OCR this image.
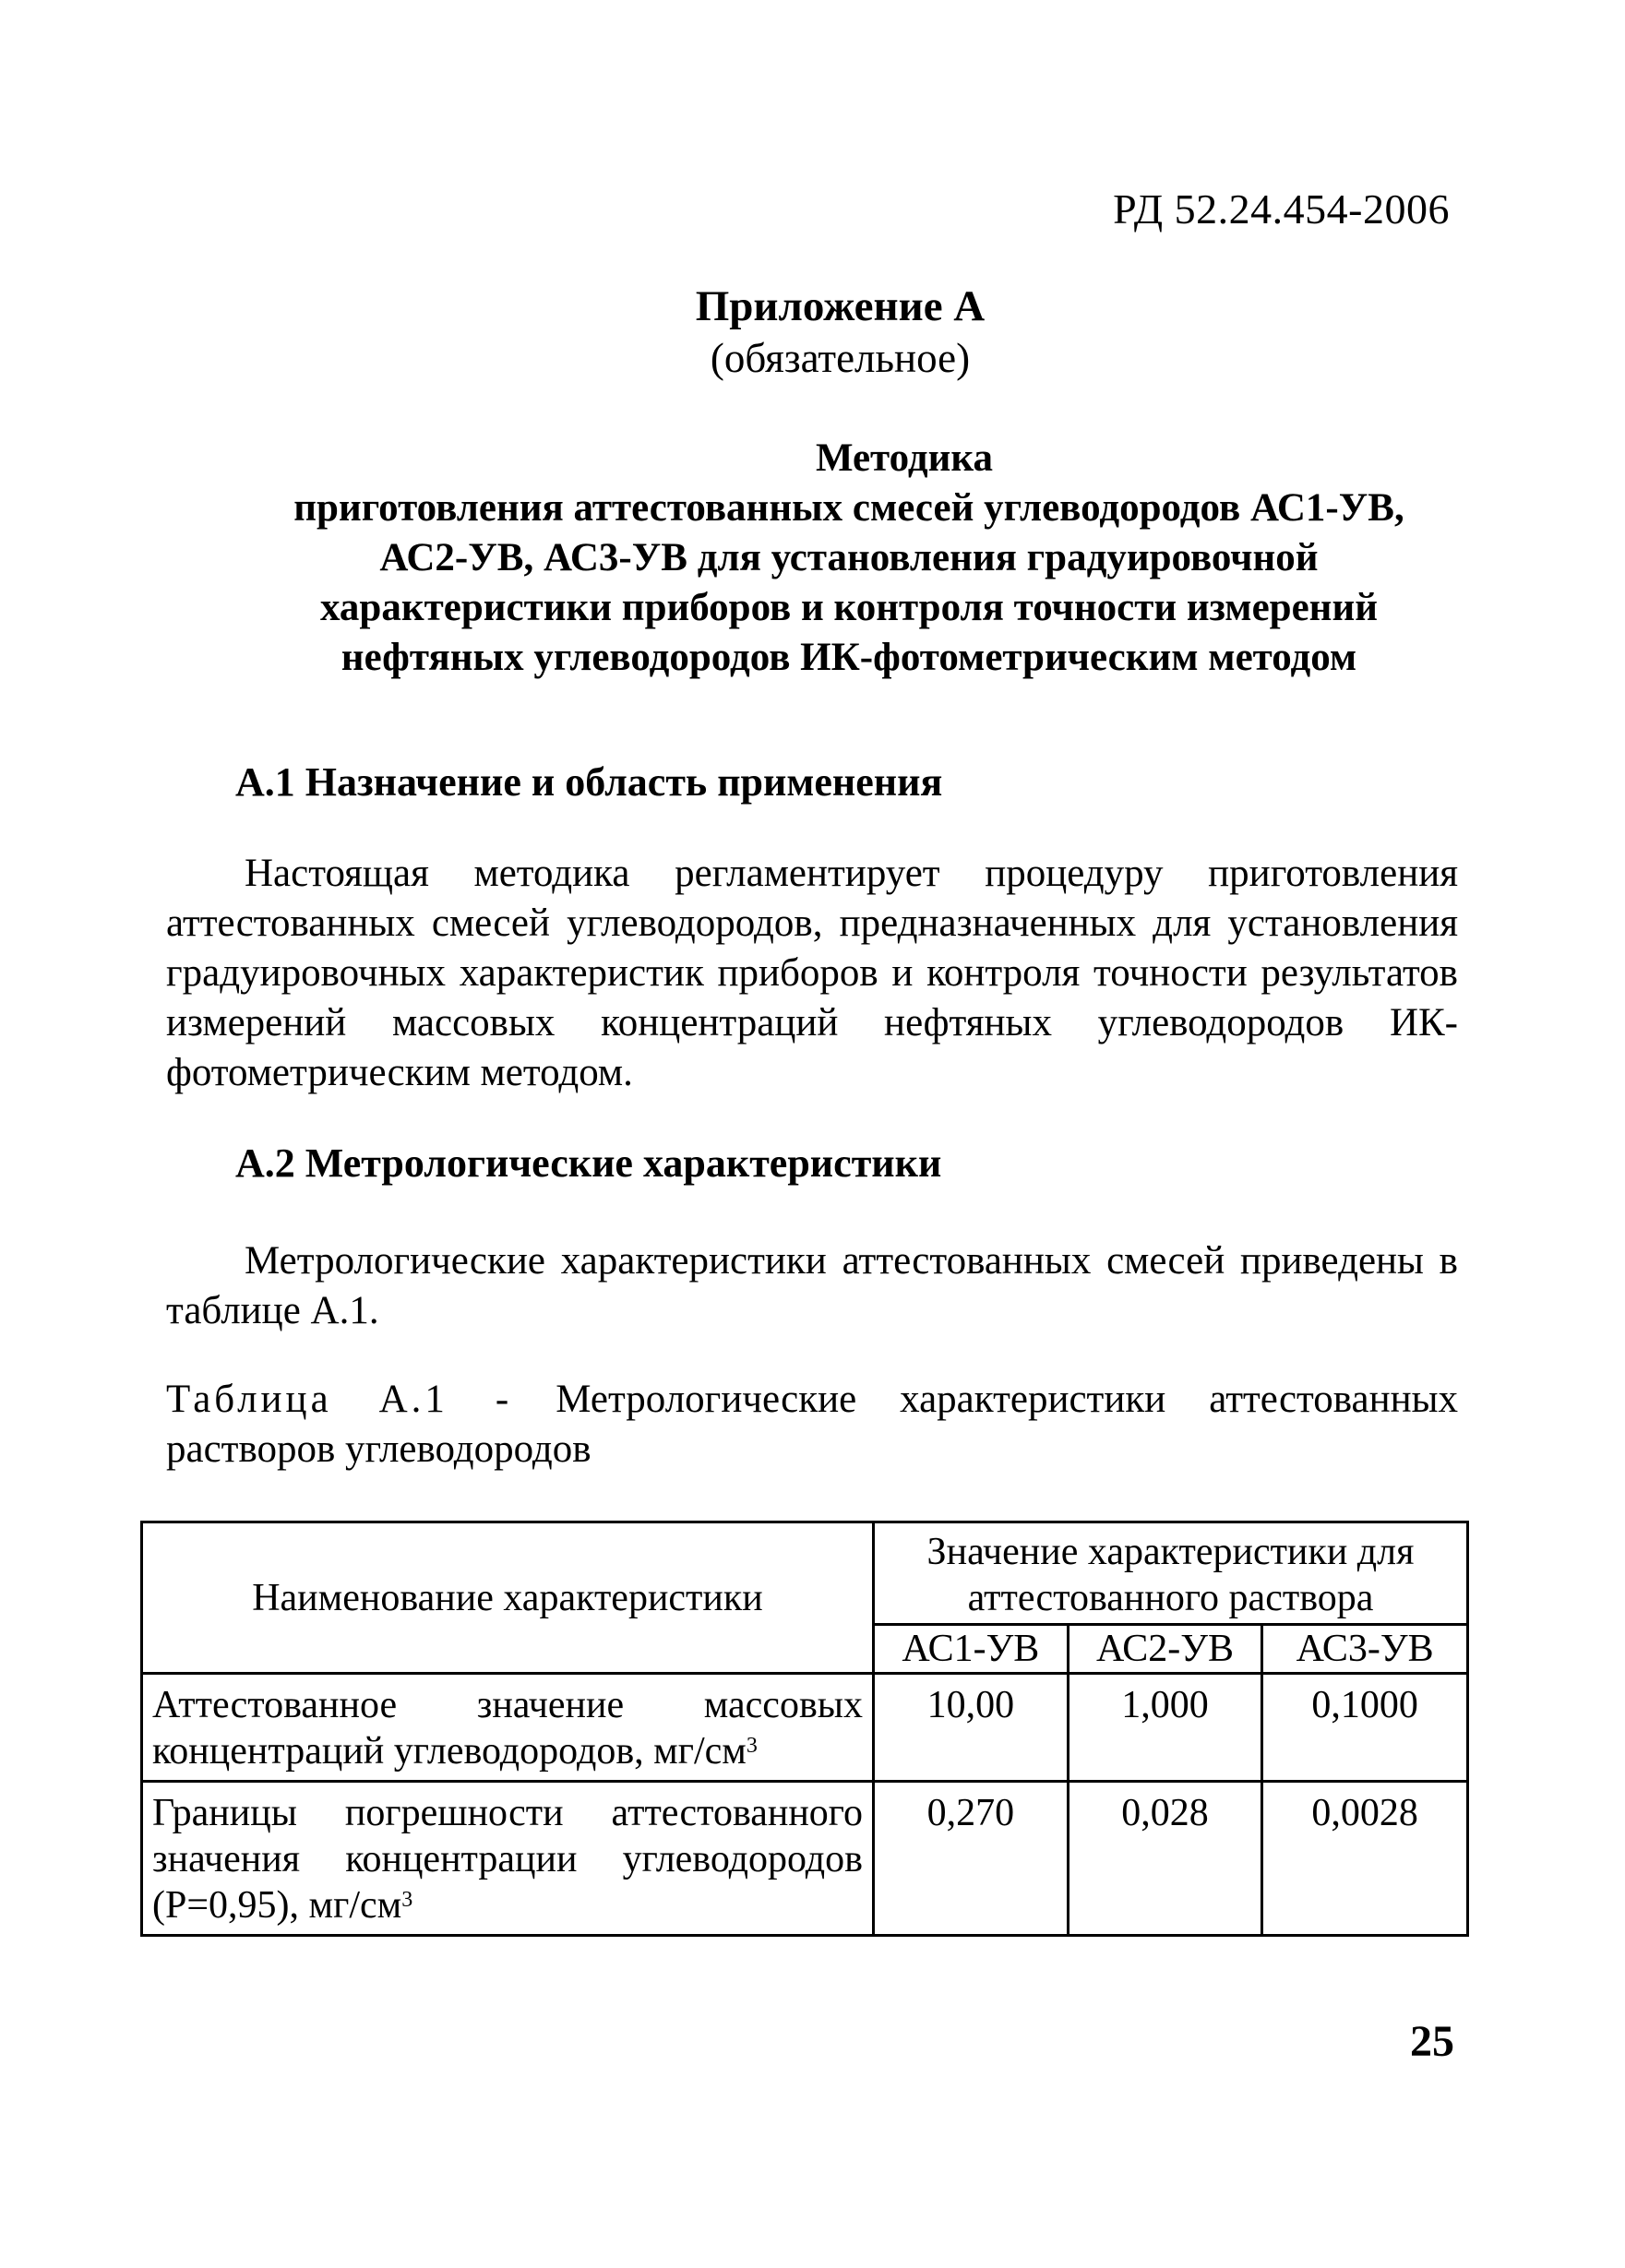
РД 52.24.454-2006
Приложение А
(обязательное)
Методика
приготовления аттестованных смесей углеводородов АС1-УВ,
АС2-УВ, АС3-УВ для установления градуировочной
характеристики приборов и контроля точности измерений
нефтяных углеводородов ИК-фотометрическим методом
А.1 Назначение и область применения
Настоящая методика регламентирует процедуру приготовления аттестованных смесей углеводородов, предназначенных для установления градуировочных характеристик приборов и контроля точности результатов измерений массовых концентраций нефтяных углеводородов ИК-фотометрическим методом.
А.2 Метрологические характеристики
Метрологические характеристики аттестованных смесей приведены в таблице А.1.
Таблица А.1 - Метрологические характеристики аттестованных растворов углеводородов
Наименование характеристики	Значение характеристики для аттестованного раствора		
	АС1-УВ	АС2-УВ	АС3-УВ
Аттестованное значение массовых концентраций углеводородов, $мг/см^3$	10,00	1,000	0,1000
Границы погрешности аттестованного значения концентрации углеводородов (Р=0,95), $мг/см^3$	0,270	0,028	0,0028
25
